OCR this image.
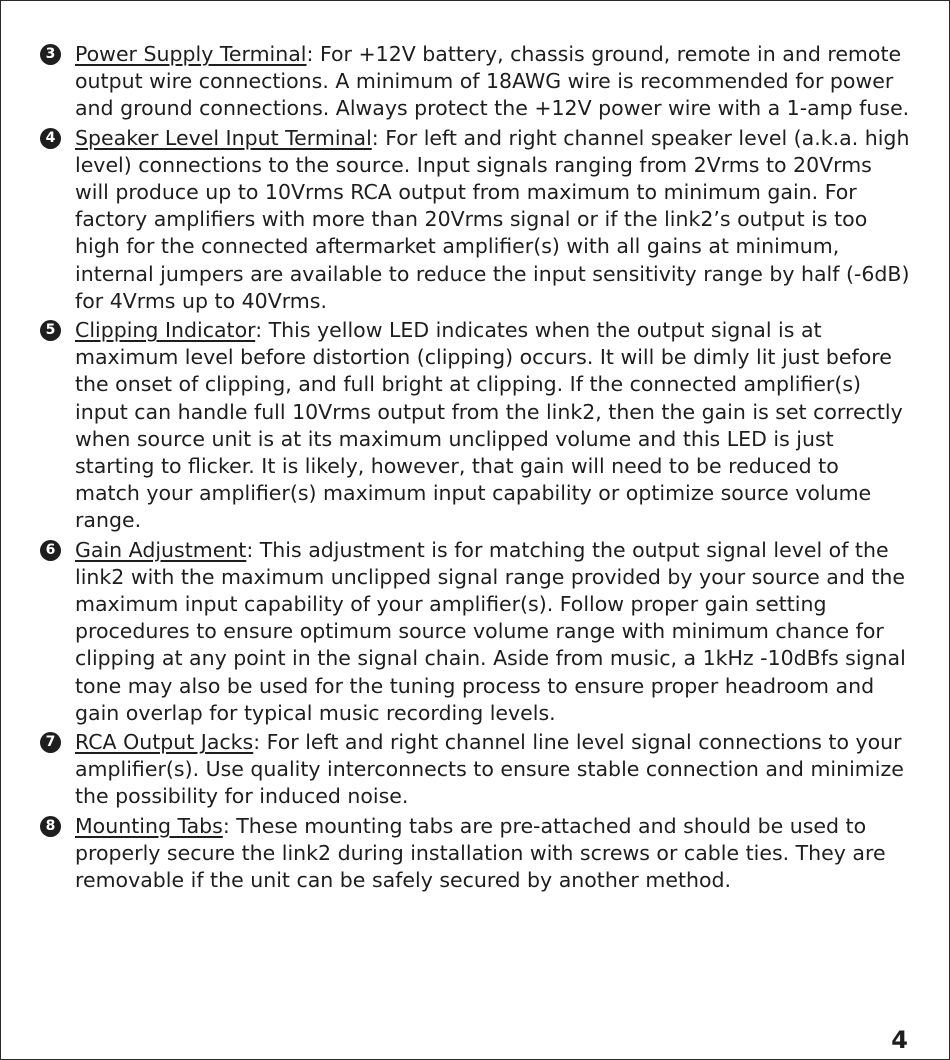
3 Power Supply Terminal: For +12V battery, chassis ground, remote in and remote output wire connections. A minimum of 18AWG wire is recommended for power and ground connections. Always protect the +12V power wire with a 1-amp fuse.
4 Speaker Level Input Terminal: For left and right channel speaker level (a.k.a. high level) connections to the source. Input signals ranging from 2Vrms to 20Vrms will produce up to 10Vrms RCA output from maximum to minimum gain. For factory amplifiers with more than 20Vrms signal or if the link2’s output is too high for the connected aftermarket amplifier(s) with all gains at minimum, internal jumpers are available to reduce the input sensitivity range by half (-6dB) for 4Vrms up to 40Vrms.
5 Clipping Indicator: This yellow LED indicates when the output signal is at maximum level before distortion (clipping) occurs. It will be dimly lit just before the onset of clipping, and full bright at clipping. If the connected amplifier(s) input can handle full 10Vrms output from the link2, then the gain is set correctly when source unit is at its maximum unclipped volume and this LED is just starting to flicker. It is likely, however, that gain will need to be reduced to match your amplifier(s) maximum input capability or optimize source volume range.
6 Gain Adjustment: This adjustment is for matching the output signal level of the link2 with the maximum unclipped signal range provided by your source and the maximum input capability of your amplifier(s). Follow proper gain setting procedures to ensure optimum source volume range with minimum chance for clipping at any point in the signal chain. Aside from music, a 1kHz -10dBfs signal tone may also be used for the tuning process to ensure proper headroom and gain overlap for typical music recording levels.
7 RCA Output Jacks: For left and right channel line level signal connections to your amplifier(s). Use quality interconnects to ensure stable connection and minimize the possibility for induced noise.
8 Mounting Tabs: These mounting tabs are pre-attached and should be used to properly secure the link2 during installation with screws or cable ties. They are removable if the unit can be safely secured by another method.
4
